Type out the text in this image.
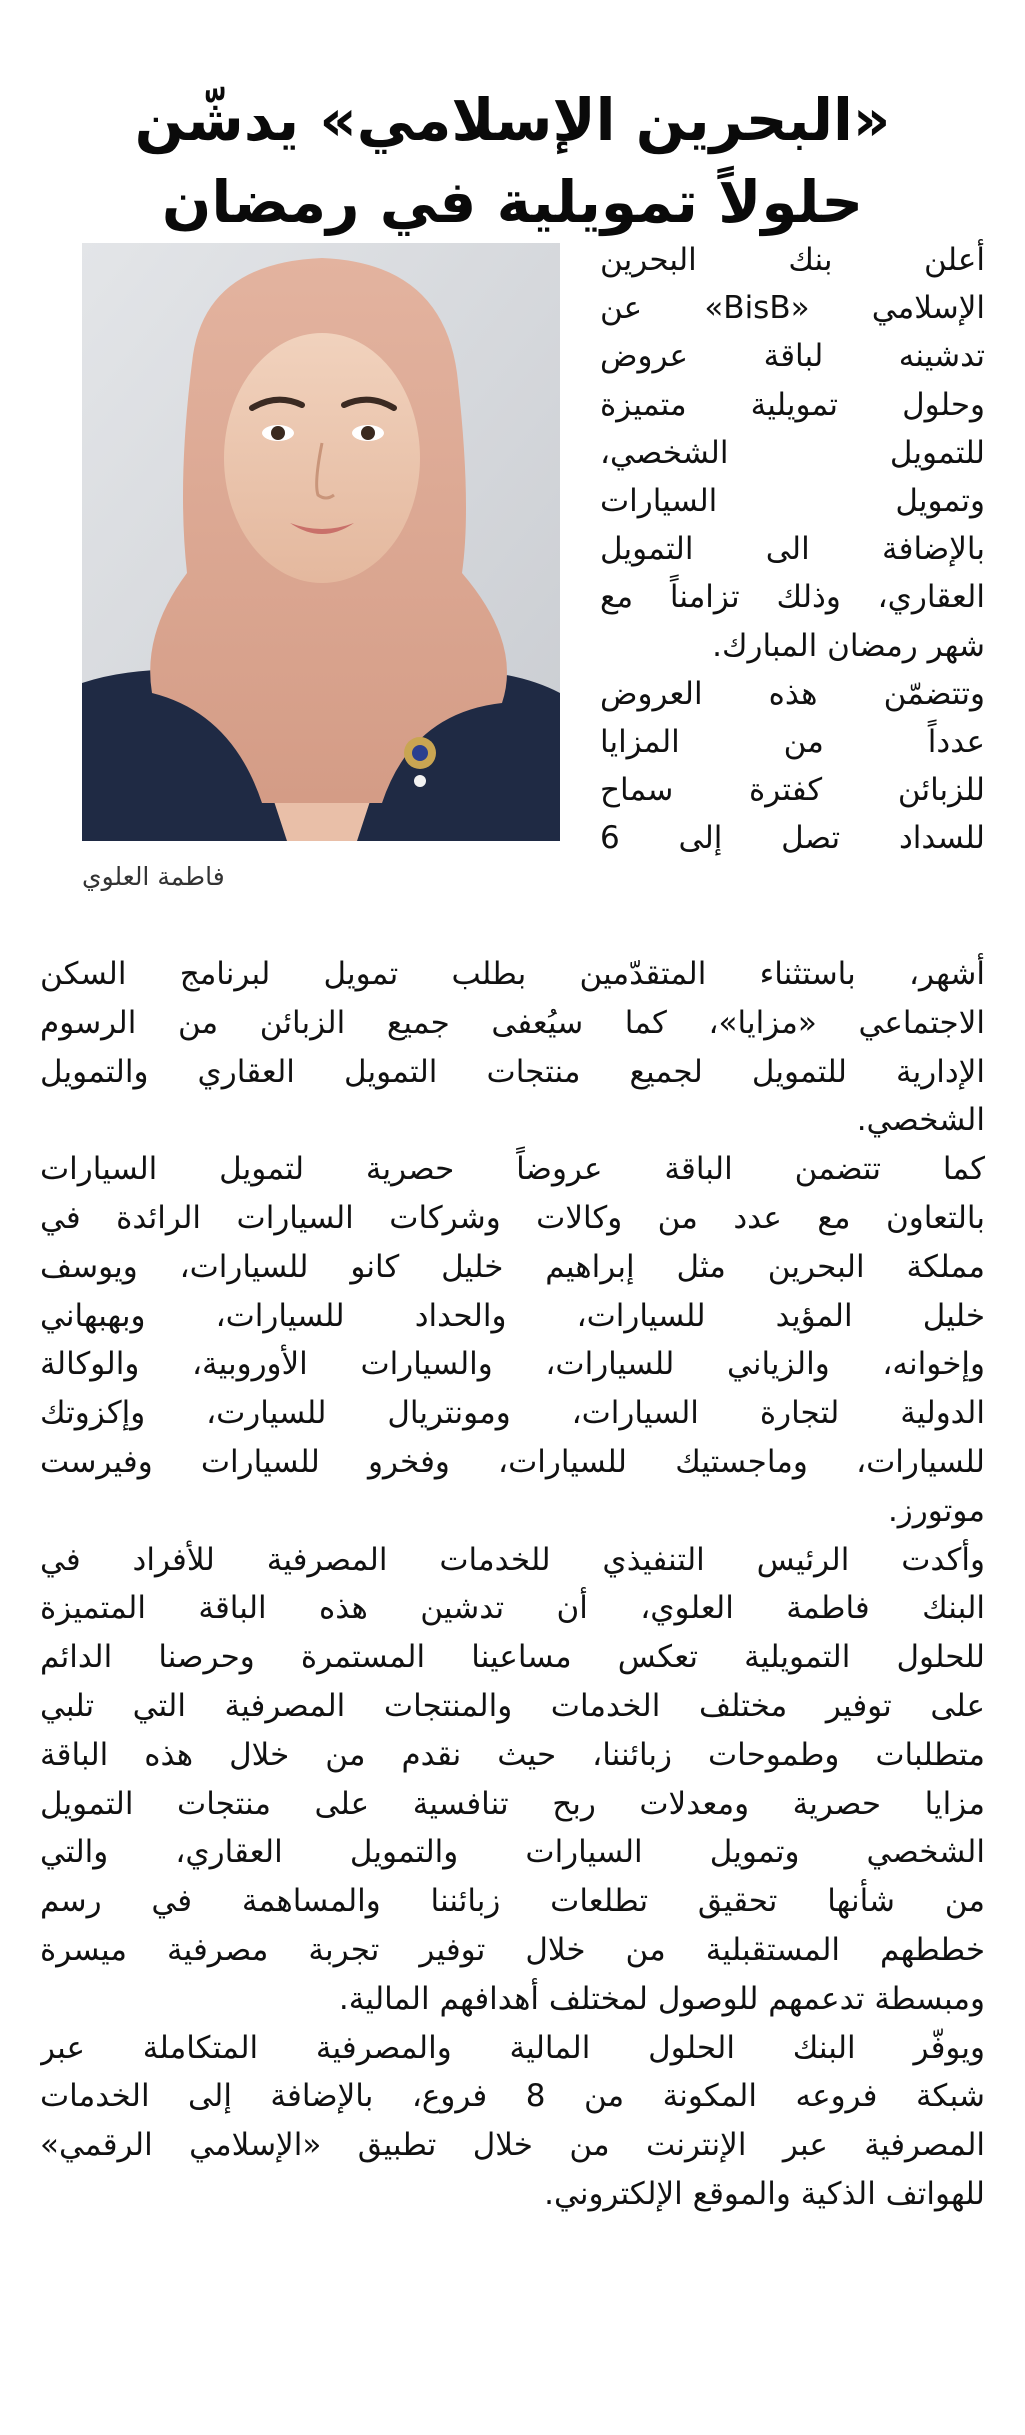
«البحرين الإسلامي» يدشّن
حلولاً تمويلية في رمضان
فاطمة العلوي
أعلن بنك البحرين
الإسلامي «BisB» عن
تدشينه لباقة عروض
وحلول تمويلية متميزة
للتمويل الشخصي،
وتمويل السيارات
بالإضافة الى التمويل
العقاري، وذلك تزامناً مع
شهر رمضان المبارك.
وتتضمّن هذه العروض
عدداً من المزايا
للزبائن كفترة سماح
للسداد تصل إلى 6

أشهر، باستثناء المتقدّمين بطلب تمويل لبرنامج السكن
الاجتماعي «مزايا»، كما سيُعفى جميع الزبائن من الرسوم
الإدارية للتمويل لجميع منتجات التمويل العقاري والتمويل
الشخصي.

كما تتضمن الباقة عروضاً حصرية لتمويل السيارات
بالتعاون مع عدد من وكالات وشركات السيارات الرائدة في
مملكة البحرين مثل إبراهيم خليل كانو للسيارات، ويوسف
خليل المؤيد للسيارات، والحداد للسيارات، وبهبهاني
وإخوانه، والزياني للسيارات، والسيارات الأوروبية، والوكالة
الدولية لتجارة السيارات، ومونتريال للسيارت، وإكزوتك
للسيارات، وماجستيك للسيارات، وفخرو للسيارات وفيرست
موتورز.

وأكدت الرئيس التنفيذي للخدمات المصرفية للأفراد في
البنك فاطمة العلوي، أن تدشين هذه الباقة المتميزة
للحلول التمويلية تعكس مساعينا المستمرة وحرصنا الدائم
على توفير مختلف الخدمات والمنتجات المصرفية التي تلبي
متطلبات وطموحات زبائننا، حيث نقدم من خلال هذه الباقة
مزايا حصرية ومعدلات ربح تنافسية على منتجات التمويل
الشخصي وتمويل السيارات والتمويل العقاري، والتي
من شأنها تحقيق تطلعات زبائننا والمساهمة في رسم
خططهم المستقبلية من خلال توفير تجربة مصرفية ميسرة
ومبسطة تدعمهم للوصول لمختلف أهدافهم المالية.

ويوفّر البنك الحلول المالية والمصرفية المتكاملة عبر
شبكة فروعه المكونة من 8 فروع، بالإضافة إلى الخدمات
المصرفية عبر الإنترنت من خلال تطبيق «الإسلامي الرقمي»
للهواتف الذكية والموقع الإلكتروني.
